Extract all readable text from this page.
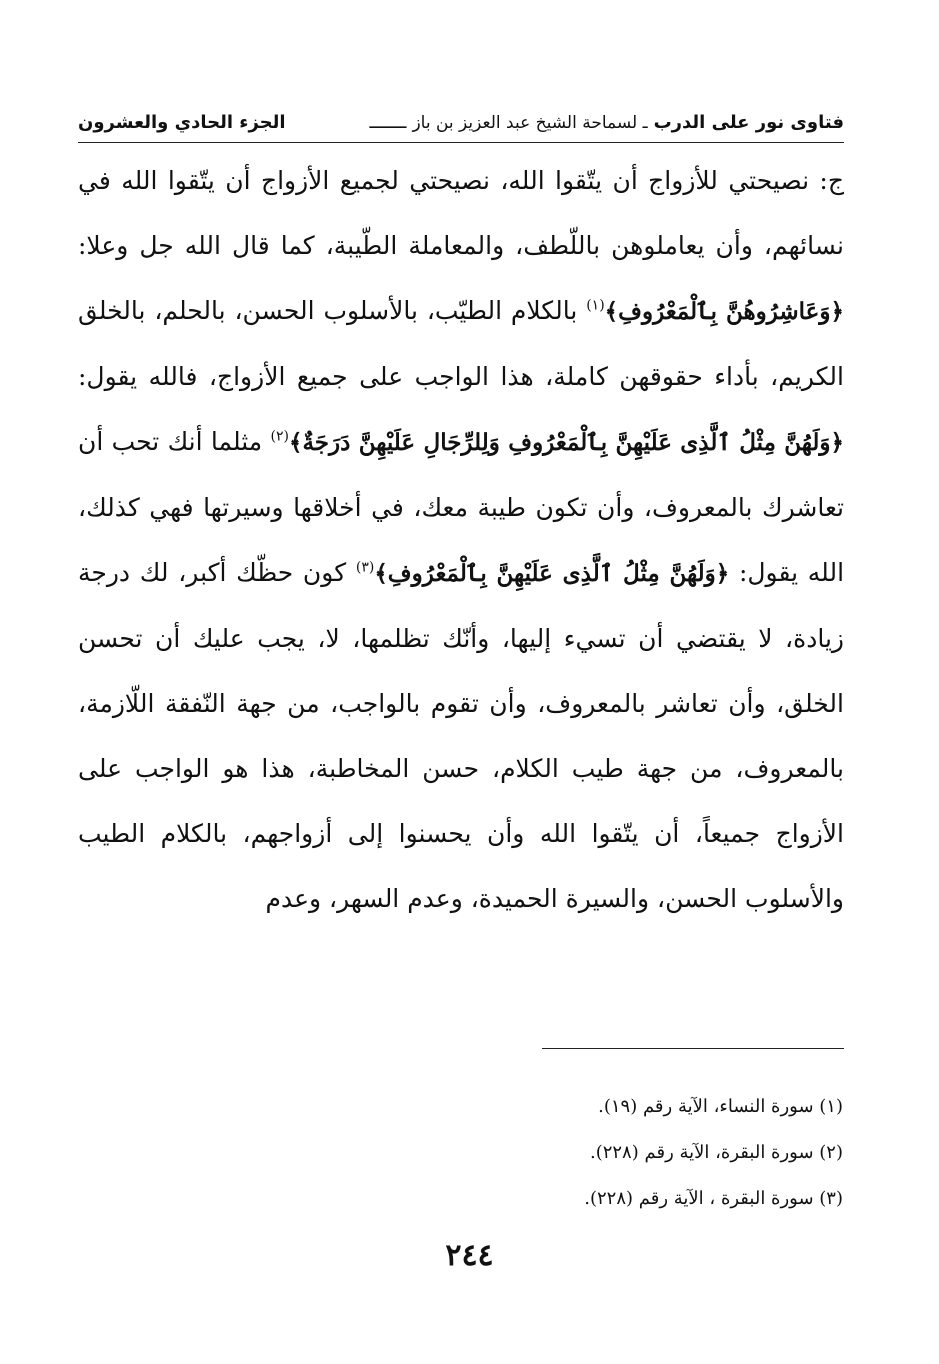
فتاوى نور على الدرب
ـ لسماحة الشيخ عبد العزيز بن باز
ـــــــ
الجزء الحادي والعشرون

ج: نصيحتي للأزواج أن يتّقوا الله، نصيحتي لجميع الأزواج أن يتّقوا الله في نسائهم، وأن يعاملوهن باللّطف، والمعاملة الطّيبة، كما قال الله جل وعلا: ﴿وَعَاشِرُوهُنَّ بِٱلْمَعْرُوفِ﴾$^{(١)}$ بالكلام الطيّب، بالأسلوب الحسن، بالحلم، بالخلق الكريم، بأداء حقوقهن كاملة، هذا الواجب على جميع الأزواج، فالله يقول: ﴿وَلَهُنَّ مِثْلُ ٱلَّذِى عَلَيْهِنَّ بِٱلْمَعْرُوفِ وَلِلرِّجَالِ عَلَيْهِنَّ دَرَجَةٌ﴾$^{(٢)}$ مثلما أنك تحب أن تعاشرك بالمعروف، وأن تكون طيبة معك، في أخلاقها وسيرتها فهي كذلك، الله يقول: ﴿وَلَهُنَّ مِثْلُ ٱلَّذِى عَلَيْهِنَّ بِٱلْمَعْرُوفِ﴾$^{(٣)}$ كون حظّك أكبر، لك درجة زيادة، لا يقتضي أن تسيء إليها، وأنّك تظلمها، لا، يجب عليك أن تحسن الخلق، وأن تعاشر بالمعروف، وأن تقوم بالواجب، من جهة النّفقة اللّازمة، بالمعروف، من جهة طيب الكلام، حسن المخاطبة، هذا هو الواجب على الأزواج جميعاً، أن يتّقوا الله وأن يحسنوا إلى أزواجهم، بالكلام الطيب والأسلوب الحسن، والسيرة الحميدة، وعدم السهر، وعدم

(١) سورة النساء، الآية رقم (١٩).
(٢) سورة البقرة، الآية رقم (٢٢٨).
(٣) سورة البقرة ، الآية رقم (٢٢٨).
٢٤٤
